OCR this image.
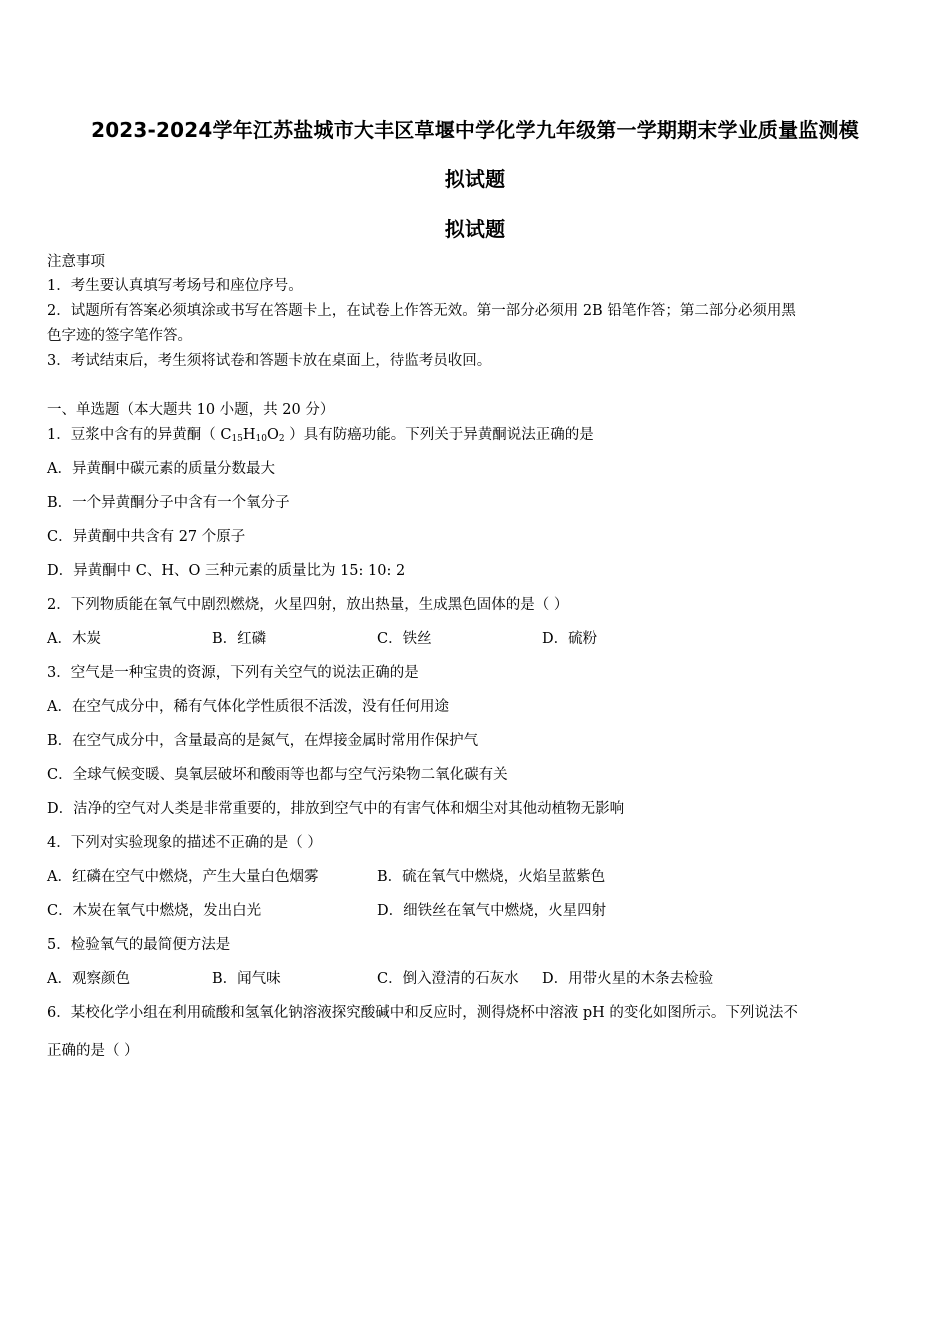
2023-2024学年江苏盐城市大丰区草堰中学化学九年级第一学期期末学业质量监测模
拟试题
拟试题
注意事项
1．考生要认真填写考场号和座位序号。
2．试题所有答案必须填涂或书写在答题卡上，在试卷上作答无效。第一部分必须用 2B 铅笔作答；第二部分必须用黑
色字迹的签字笔作答。
3．考试结束后，考生须将试卷和答题卡放在桌面上，待监考员收回。
一、单选题（本大题共 10 小题，共 20 分）
1．豆浆中含有的异黄酮（ $C_{15}H_{10}O_2$ ）具有防癌功能。下列关于异黄酮说法正确的是
A．异黄酮中碳元素的质量分数最大
B．一个异黄酮分子中含有一个氧分子
C．异黄酮中共含有 27 个原子
D．异黄酮中 C、H、O 三种元素的质量比为 15: 10: 2
2．下列物质能在氧气中剧烈燃烧，火星四射，放出热量，生成黑色固体的是（ ）
A．木炭	B．红磷	C．铁丝	D．硫粉
3．空气是一种宝贵的资源，下列有关空气的说法正确的是
A．在空气成分中，稀有气体化学性质很不活泼，没有任何用途
B．在空气成分中，含量最高的是氮气，在焊接金属时常用作保护气
C．全球气候变暖、臭氧层破坏和酸雨等也都与空气污染物二氧化碳有关
D．洁净的空气对人类是非常重要的，排放到空气中的有害气体和烟尘对其他动植物无影响
4．下列对实验现象的描述不正确的是（ ）
A．红磷在空气中燃烧，产生大量白色烟雾	B．硫在氧气中燃烧，火焰呈蓝紫色
C．木炭在氧气中燃烧，发出白光	D．细铁丝在氧气中燃烧，火星四射
5．检验氧气的最简便方法是
A．观察颜色	B．闻气味	C．倒入澄清的石灰水 D．用带火星的木条去检验
6．某校化学小组在利用硫酸和氢氧化钠溶液探究酸碱中和反应时，测得烧杯中溶液 pH 的变化如图所示。下列说法不
正确的是（ ）
